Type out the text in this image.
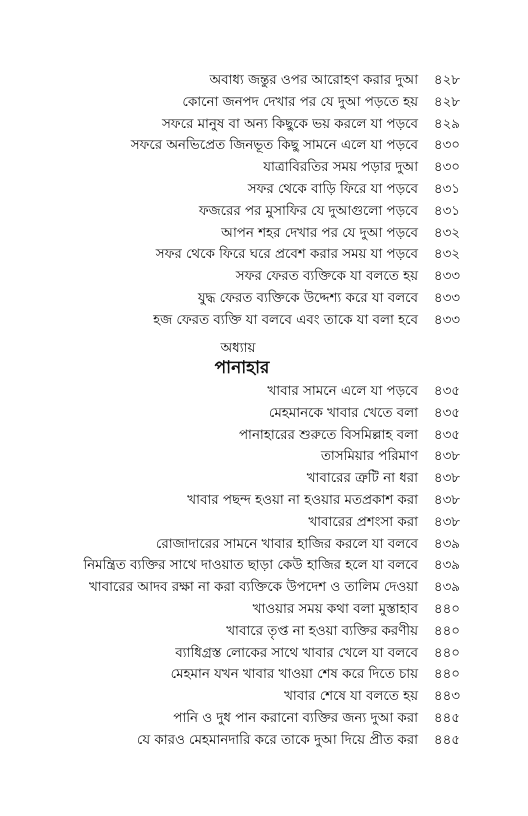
অবাধ্য জন্তুর ওপর আরোহণ করার দুআ	৪২৮
কোনো জনপদ দেখার পর যে দুআ পড়তে হয়	৪২৮
সফরে মানুষ বা অন্য কিছুকে ভয় করলে যা পড়বে	৪২৯
সফরে অনভিপ্রেত জিনভূত কিছু সামনে এলে যা পড়বে	৪৩০
যাত্রাবিরতির সময় পড়ার দুআ	৪৩০
সফর থেকে বাড়ি ফিরে যা পড়বে	৪৩১
ফজরের পর মুসাফির যে দুআগুলো পড়বে	৪৩১
আপন শহর দেখার পর যে দুআ পড়বে	৪৩২
সফর থেকে ফিরে ঘরে প্রবেশ করার সময় যা পড়বে	৪৩২
সফর ফেরত ব্যক্তিকে যা বলতে হয়	৪৩৩
যুদ্ধ ফেরত ব্যক্তিকে উদ্দেশ্য করে যা বলবে	৪৩৩
হজ ফেরত ব্যক্তি যা বলবে এবং তাকে যা বলা হবে	৪৩৩
অধ্যায়
পানাহার
খাবার সামনে এলে যা পড়বে	৪৩৫
মেহমানকে খাবার খেতে বলা	৪৩৫
পানাহারের শুরুতে বিসমিল্লাহ বলা	৪৩৫
তাসমিয়ার পরিমাণ	৪৩৮
খাবারের ত্রুটি না ধরা	৪৩৮
খাবার পছন্দ হওয়া না হওয়ার মতপ্রকাশ করা	৪৩৮
খাবারের প্রশংসা করা	৪৩৮
রোজাদারের সামনে খাবার হাজির করলে যা বলবে	৪৩৯
নিমন্ত্রিত ব্যক্তির সাথে দাওয়াত ছাড়া কেউ হাজির হলে যা বলবে	৪৩৯
খাবারের আদব রক্ষা না করা ব্যক্তিকে উপদেশ ও তালিম দেওয়া	৪৩৯
খাওয়ার সময় কথা বলা মুস্তাহাব	৪৪০
খাবারে তৃপ্ত না হওয়া ব্যক্তির করণীয়	৪৪০
ব্যাধিগ্রস্ত লোকের সাথে খাবার খেলে যা বলবে	৪৪০
মেহমান যখন খাবার খাওয়া শেষ করে দিতে চায়	৪৪০
খাবার শেষে যা বলতে হয়	৪৪৩
পানি ও দুধ পান করানো ব্যক্তির জন্য দুআ করা	৪৪৫
যে কারও মেহমানদারি করে তাকে দুআ দিয়ে প্রীত করা	৪৪৫
